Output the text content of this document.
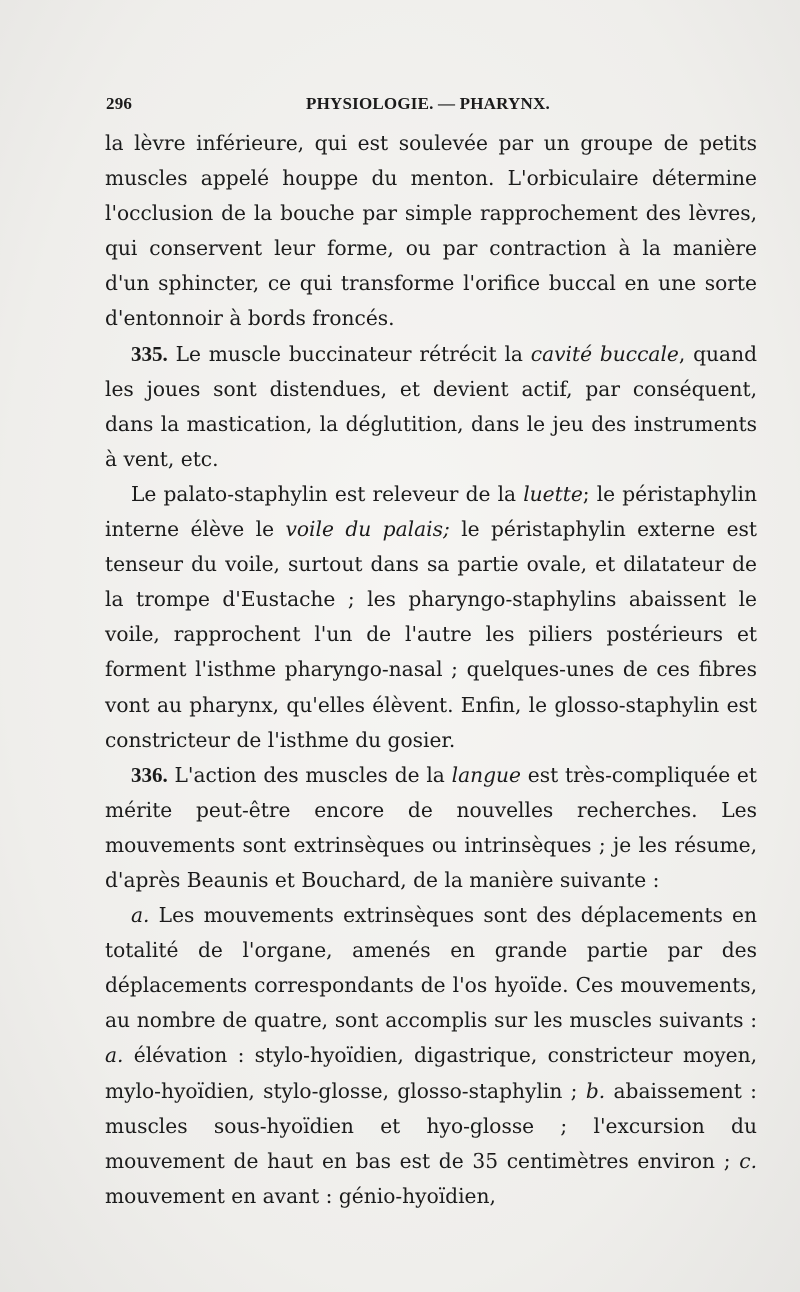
296	PHYSIOLOGIE. — PHARYNX.

la lèvre inférieure, qui est soulevée par un groupe de petits muscles appelé houppe du menton. L'orbiculaire détermine l'occlusion de la bouche par simple rapprochement des lèvres, qui conservent leur forme, ou par contraction à la manière d'un sphincter, ce qui transforme l'orifice buccal en une sorte d'entonnoir à bords froncés.

335. Le muscle buccinateur rétrécit la cavité buccale, quand les joues sont distendues, et devient actif, par conséquent, dans la mastication, la déglutition, dans le jeu des instruments à vent, etc.

Le palato-staphylin est releveur de la luette; le péristaphylin interne élève le voile du palais; le péristaphylin externe est tenseur du voile, surtout dans sa partie ovale, et dilatateur de la trompe d'Eustache ; les pharyngo-staphylins abaissent le voile, rapprochent l'un de l'autre les piliers postérieurs et forment l'isthme pharyngo-nasal ; quelques-unes de ces fibres vont au pharynx, qu'elles élèvent. Enfin, le glosso-staphylin est constricteur de l'isthme du gosier.

336. L'action des muscles de la langue est très-compliquée et mérite peut-être encore de nouvelles recherches. Les mouvements sont extrinsèques ou intrinsèques ; je les résume, d'après Beaunis et Bouchard, de la manière suivante :

a. Les mouvements extrinsèques sont des déplacements en totalité de l'organe, amenés en grande partie par des déplacements correspondants de l'os hyoïde. Ces mouvements, au nombre de quatre, sont accomplis sur les muscles suivants : a. élévation : stylo-hyoïdien, digastrique, constricteur moyen, mylo-hyoïdien, stylo-glosse, glosso-staphylin ; b. abaissement : muscles sous-hyoïdien et hyo-glosse ; l'excursion du mouvement de haut en bas est de 35 centimètres environ ; c. mouvement en avant : génio-hyoïdien,
